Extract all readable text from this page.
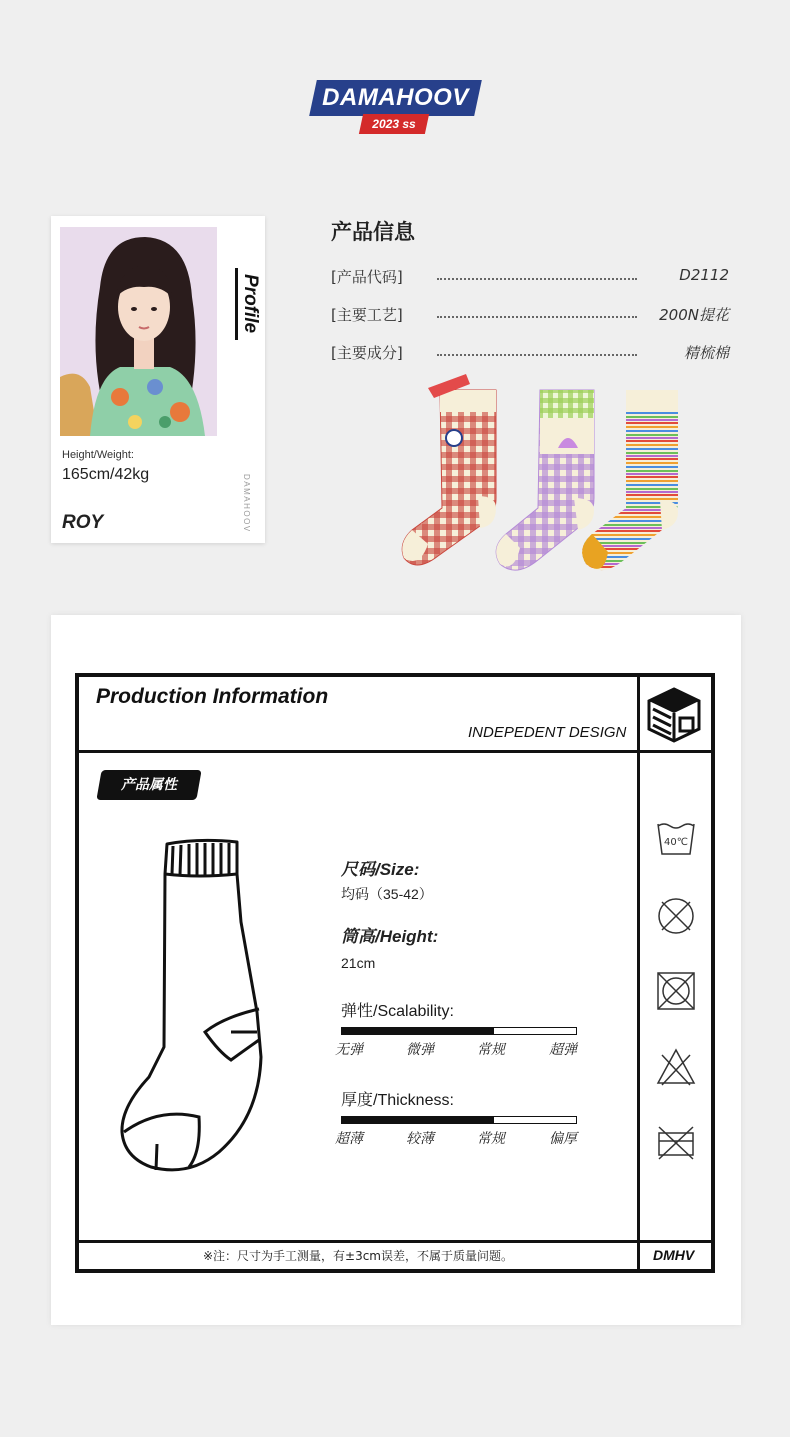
DAMAHOOV
2023 ss
Profile
DAMAHOOV
Height/Weight:
165cm/42kg
ROY
产品信息
[产品代码]	D2112
[主要工艺]	200N提花
[主要成分]	精梳棉
Production Information
INDEPEDENT DESIGN
产品属性
尺码/Size:
均码（35-42）
筒高/Height:
21cm
弹性/Scalability:
无弹	微弹	常规	超弹
厚度/Thickness:
超薄	较薄	常规	偏厚
40℃
※注：尺寸为手工测量，有±3cm误差，不属于质量问题。	DMHV
